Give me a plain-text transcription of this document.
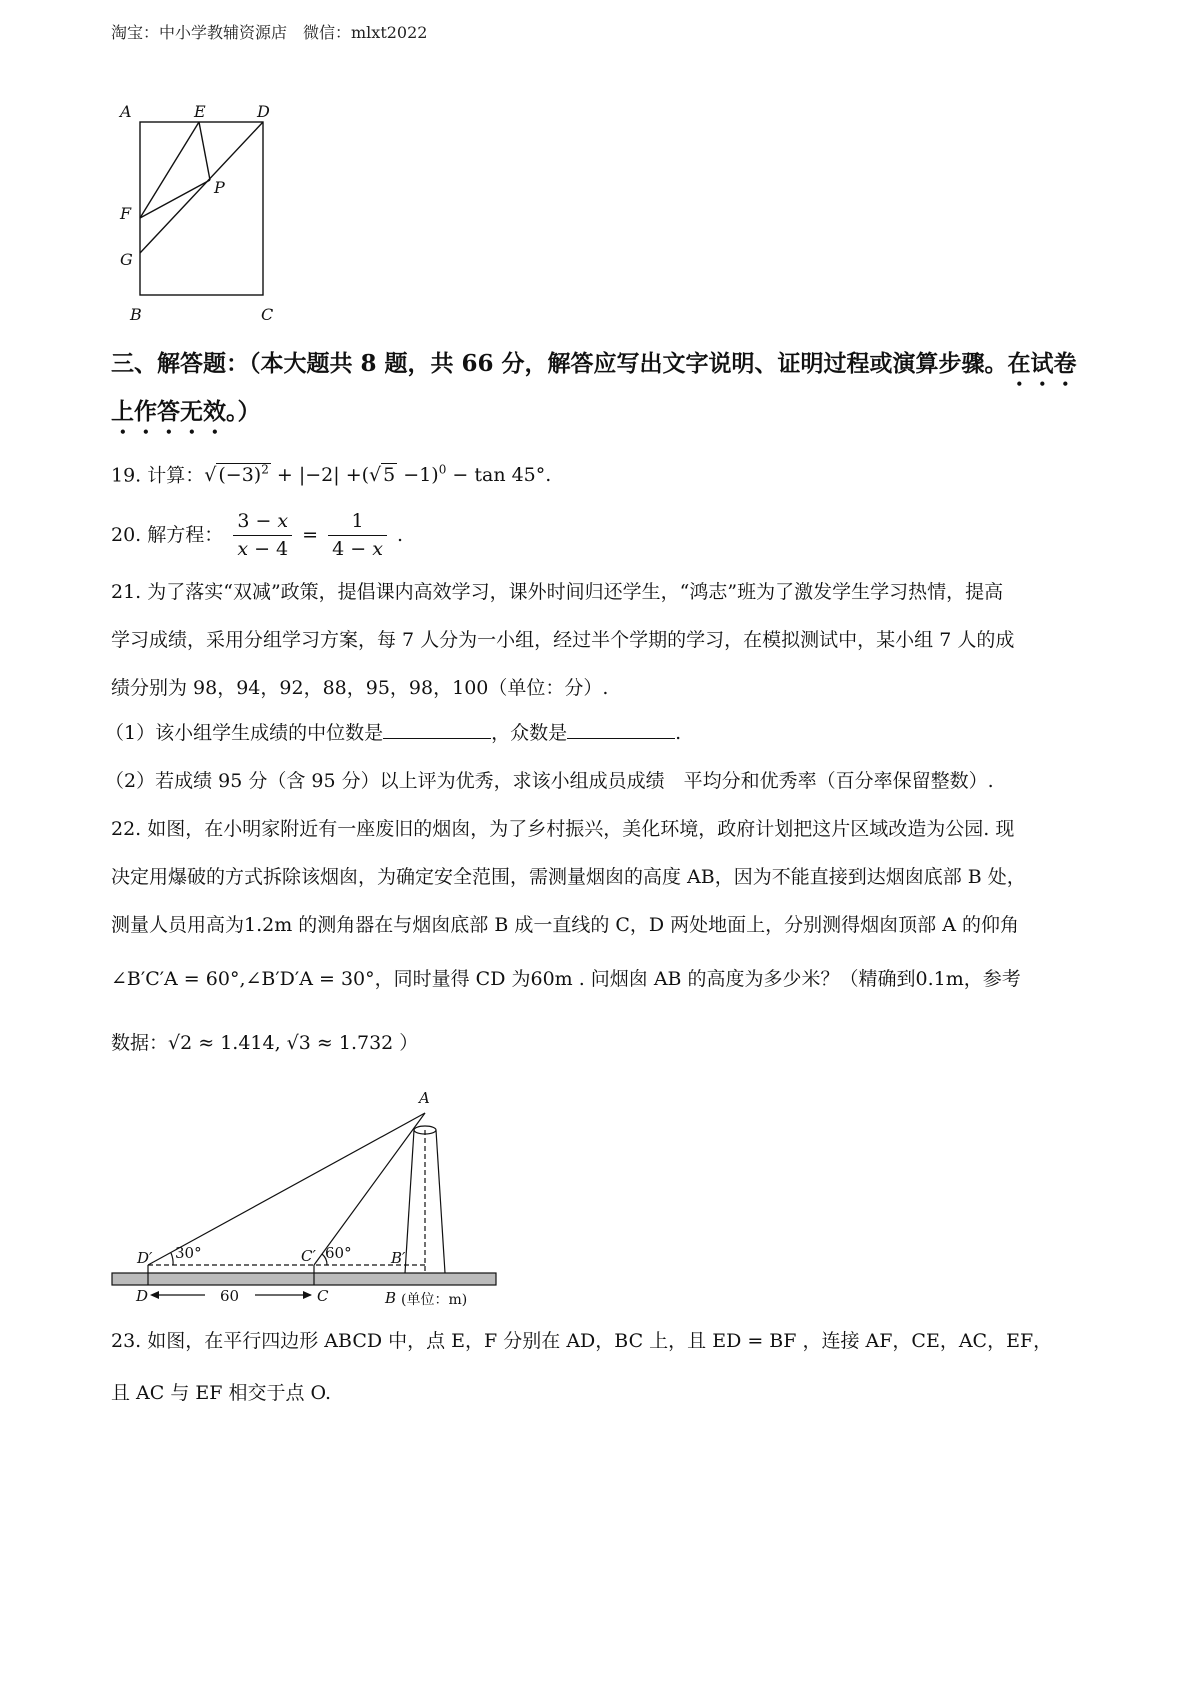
淘宝：中小学教辅资源店　微信：mlxt2022
A	E	D
P
F
G
B	C
三、解答题：（本大题共 8 题，共 66 分，解答应写出文字说明、证明过程或演算步骤。在试卷
上作答无效。）
19. 计算：√ $(-3)^2 + |-2|$ +(√ 5 −1)$^0$ − tan 45°.
20. 解方程： $\frac{3 - x}{x - 4} = \frac{1}{4 - x}$ .
21. 为了落实“双减”政策，提倡课内高效学习，课外时间归还学生，“鸿志”班为了激发学生学习热情，提高
学习成绩，采用分组学习方案，每 7 人分为一小组，经过半个学期的学习，在模拟测试中，某小组 7 人的成
绩分别为 98，94，92，88，95，98，100（单位：分）.
（1）该小组学生成绩的中位数是	，众数是	.
（2）若成绩 95 分（含 95 分）以上评为优秀，求该小组成员成绩　平均分和优秀率（百分率保留整数）.
22. 如图，在小明家附近有一座废旧的烟囱，为了乡村振兴，美化环境，政府计划把这片区域改造为公园. 现
决定用爆破的方式拆除该烟囱，为确定安全范围，需测量烟囱的高度 AB，因为不能直接到达烟囱底部 B 处，
测量人员用高为1.2m 的测角器在与烟囱底部 B 成一直线的 C，D 两处地面上，分别测得烟囱顶部 A 的仰角
∠B′C′A = 60°,∠B′D′A = 30°，同时量得 CD 为60m . 问烟囱 AB 的高度为多少米？（精确到0.1m，参考
数据：√2 ≈ 1.414, √3 ≈ 1.732 ）
A
D′	C′	B′
30°	60°
D	C
60	B (单位：m)
23. 如图，在平行四边形 ABCD 中，点 E，F 分别在 AD，BC 上，且 ED = BF ，连接 AF，CE，AC，EF，
且 AC 与 EF 相交于点 O.
